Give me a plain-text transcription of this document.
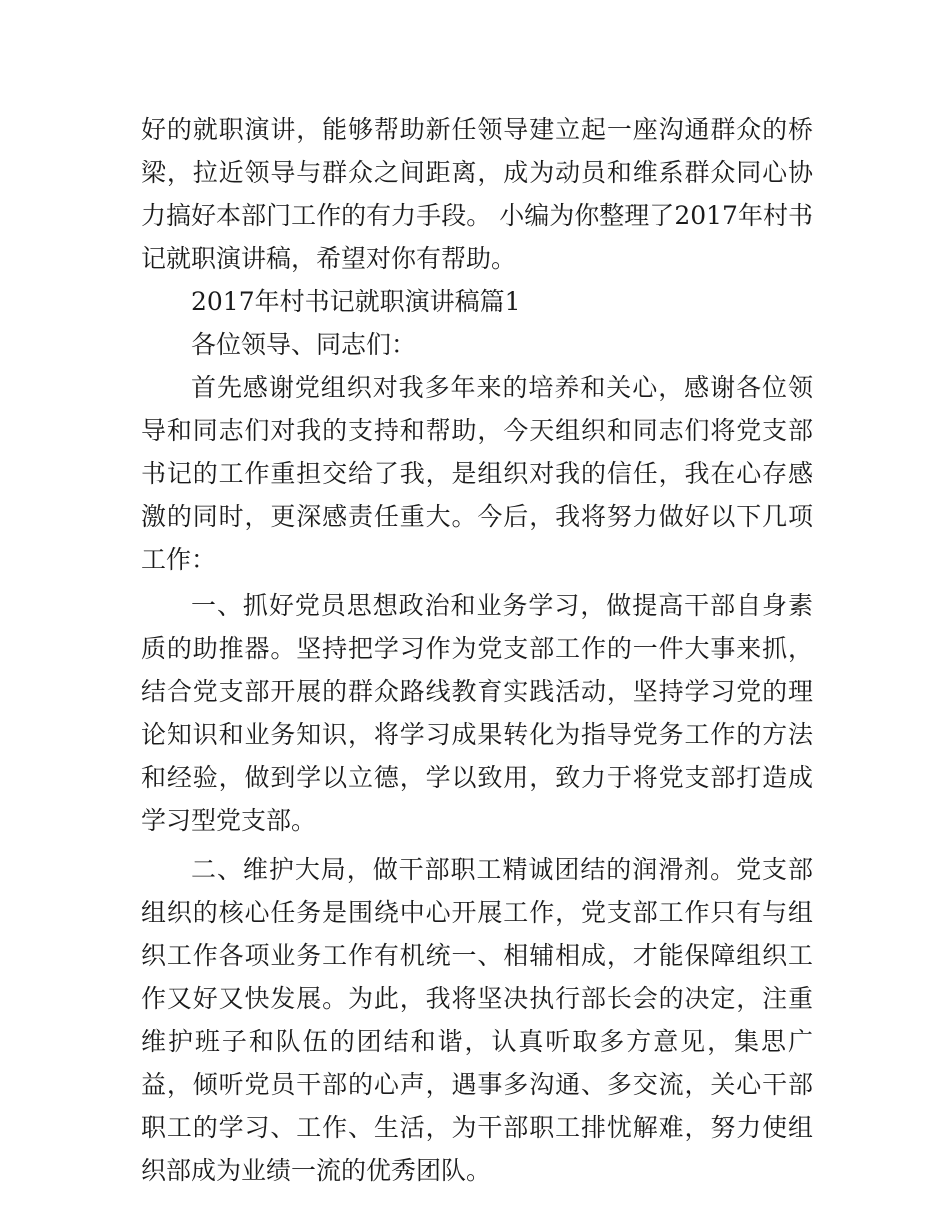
好的就职演讲，能够帮助新任领导建立起一座沟通群众的桥梁，拉近领导与群众之间距离，成为动员和维系群众同心协力搞好本部门工作的有力手段。 小编为你整理了2017年村书记就职演讲稿，希望对你有帮助。

2017年村书记就职演讲稿篇1

各位领导、同志们：

首先感谢党组织对我多年来的培养和关心，感谢各位领导和同志们对我的支持和帮助，今天组织和同志们将党支部书记的工作重担交给了我，是组织对我的信任，我在心存感激的同时，更深感责任重大。今后，我将努力做好以下几项工作：

一、抓好党员思想政治和业务学习，做提高干部自身素质的助推器。坚持把学习作为党支部工作的一件大事来抓，结合党支部开展的群众路线教育实践活动，坚持学习党的理论知识和业务知识，将学习成果转化为指导党务工作的方法和经验，做到学以立德，学以致用，致力于将党支部打造成学习型党支部。

二、维护大局，做干部职工精诚团结的润滑剂。党支部组织的核心任务是围绕中心开展工作，党支部工作只有与组织工作各项业务工作有机统一、相辅相成，才能保障组织工作又好又快发展。为此，我将坚决执行部长会的决定，注重维护班子和队伍的团结和谐，认真听取多方意见，集思广益，倾听党员干部的心声，遇事多沟通、多交流，关心干部职工的学习、工作、生活，为干部职工排忧解难，努力使组织部成为业绩一流的优秀团队。
